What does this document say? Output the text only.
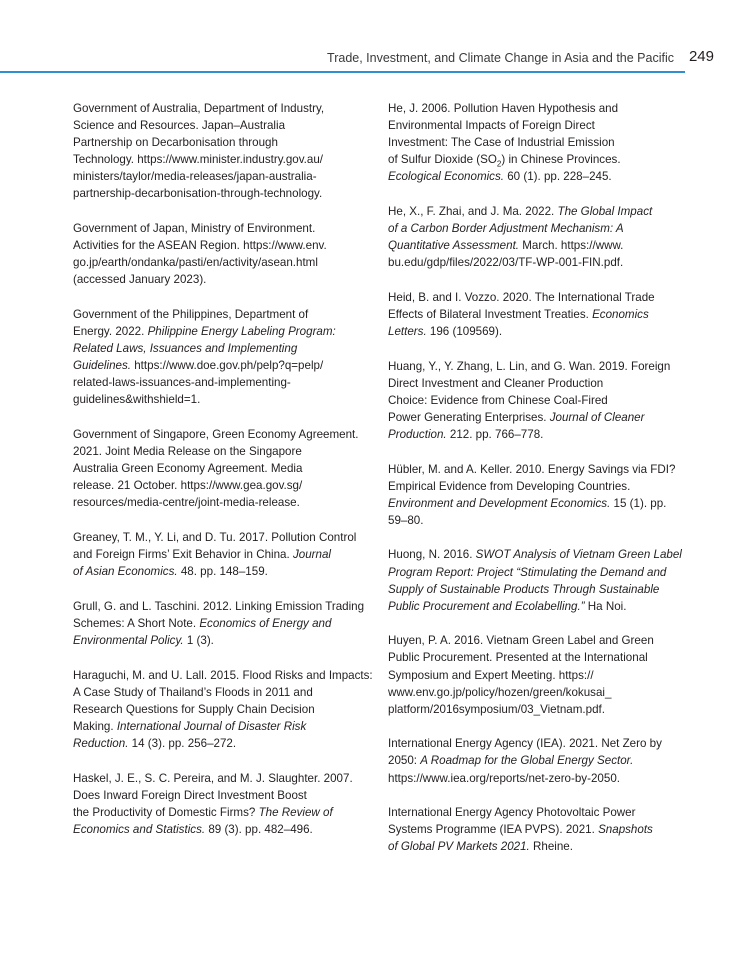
Trade, Investment, and Climate Change in Asia and the Pacific 249
Government of Australia, Department of Industry,
Science and Resources. Japan–Australia
Partnership on Decarbonisation through
Technology. https://www.minister.industry.gov.au/
ministers/taylor/media-releases/japan-australia-
partnership-decarbonisation-through-technology.
Government of Japan, Ministry of Environment.
Activities for the ASEAN Region. https://www.env.
go.jp/earth/ondanka/pasti/en/activity/asean.html
(accessed January 2023).
Government of the Philippines, Department of
Energy. 2022. Philippine Energy Labeling Program:
Related Laws, Issuances and Implementing
Guidelines. https://www.doe.gov.ph/pelp?q=pelp/
related-laws-issuances-and-implementing-
guidelines&withshield=1.
Government of Singapore, Green Economy Agreement.
2021. Joint Media Release on the Singapore
Australia Green Economy Agreement. Media
release. 21 October. https://www.gea.gov.sg/
resources/media-centre/joint-media-release.
Greaney, T. M., Y. Li, and D. Tu. 2017. Pollution Control
and Foreign Firms’ Exit Behavior in China. Journal
of Asian Economics. 48. pp. 148–159.
Grull, G. and L. Taschini. 2012. Linking Emission Trading
Schemes: A Short Note. Economics of Energy and
Environmental Policy. 1 (3).
Haraguchi, M. and U. Lall. 2015. Flood Risks and Impacts:
A Case Study of Thailand’s Floods in 2011 and
Research Questions for Supply Chain Decision
Making. International Journal of Disaster Risk
Reduction. 14 (3). pp. 256–272.
Haskel, J. E., S. C. Pereira, and M. J. Slaughter. 2007.
Does Inward Foreign Direct Investment Boost
the Productivity of Domestic Firms? The Review of
Economics and Statistics. 89 (3). pp. 482–496.
He, J. 2006. Pollution Haven Hypothesis and
Environmental Impacts of Foreign Direct
Investment: The Case of Industrial Emission
of Sulfur Dioxide $(SO_2)$ in Chinese Provinces.
Ecological Economics. 60 (1). pp. 228–245.
He, X., F. Zhai, and J. Ma. 2022. The Global Impact
of a Carbon Border Adjustment Mechanism: A
Quantitative Assessment. March. https://www.
bu.edu/gdp/files/2022/03/TF-WP-001-FIN.pdf.
Heid, B. and I. Vozzo. 2020. The International Trade
Effects of Bilateral Investment Treaties. Economics
Letters. 196 (109569).
Huang, Y., Y. Zhang, L. Lin, and G. Wan. 2019. Foreign
Direct Investment and Cleaner Production
Choice: Evidence from Chinese Coal-Fired
Power Generating Enterprises. Journal of Cleaner
Production. 212. pp. 766–778.
Hübler, M. and A. Keller. 2010. Energy Savings via FDI?
Empirical Evidence from Developing Countries.
Environment and Development Economics. 15 (1). pp.
59–80.
Huong, N. 2016. SWOT Analysis of Vietnam Green Label
Program Report: Project “Stimulating the Demand and
Supply of Sustainable Products Through Sustainable
Public Procurement and Ecolabelling.” Ha Noi.
Huyen, P. A. 2016. Vietnam Green Label and Green
Public Procurement. Presented at the International
Symposium and Expert Meeting. https://
www.env.go.jp/policy/hozen/green/kokusai_
platform/2016symposium/03_Vietnam.pdf.
International Energy Agency (IEA). 2021. Net Zero by
2050: A Roadmap for the Global Energy Sector.
https://www.iea.org/reports/net-zero-by-2050.
International Energy Agency Photovoltaic Power
Systems Programme (IEA PVPS). 2021. Snapshots
of Global PV Markets 2021. Rheine.
